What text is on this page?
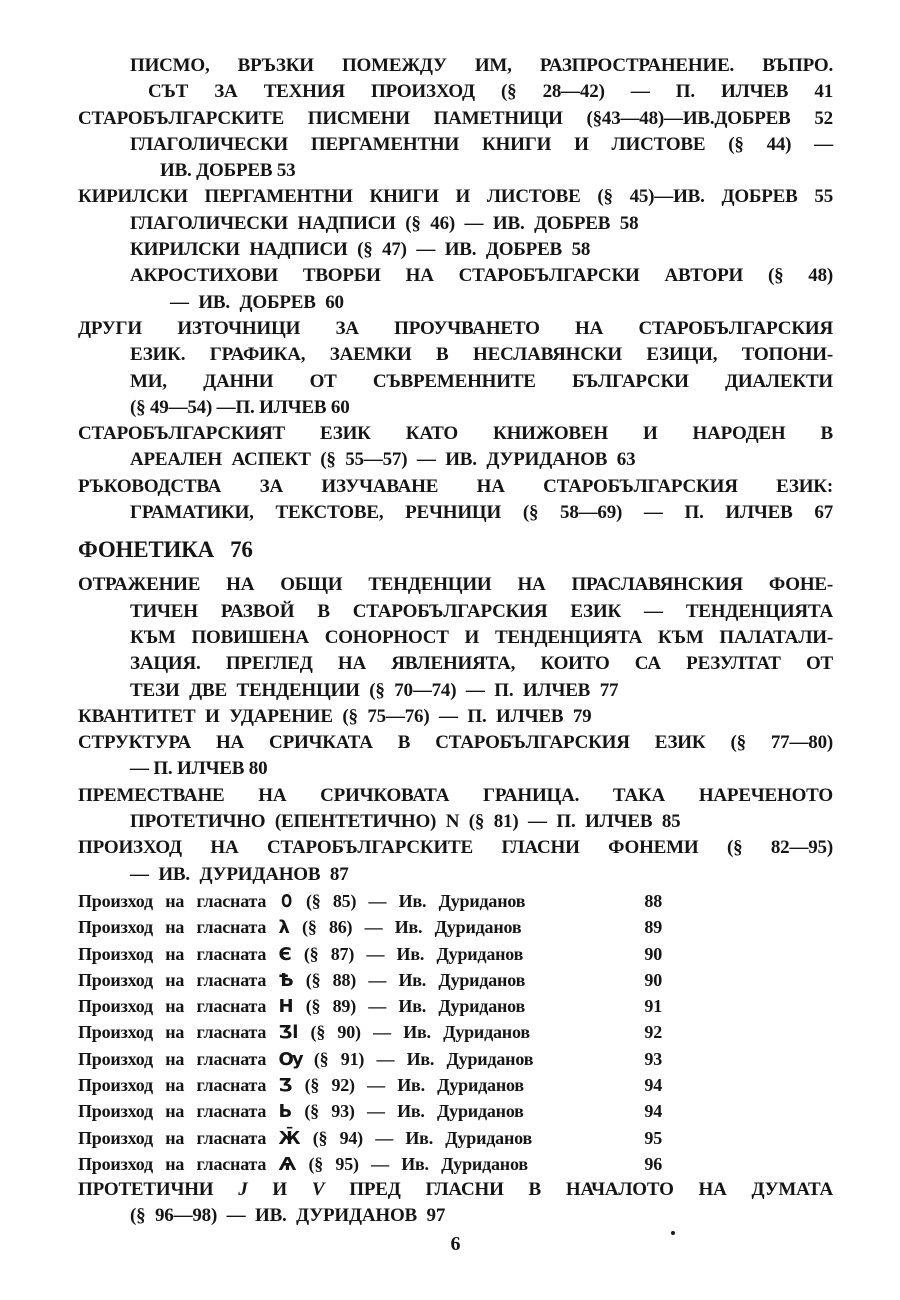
ПИСМО, ВРЪЗКИ ПОМЕЖДУ ИМ, РАЗПРОСТРАНЕНИЕ. ВЪПРО.
СЪТ ЗА ТЕХНИЯ ПРОИЗХОД (§ 28—42) — П. ИЛЧЕВ 41
СТАРОБЪЛГАРСКИТЕ ПИСМЕНИ ПАМЕТНИЦИ (§43—48)—ИВ.ДОБРЕВ 52
ГЛАГОЛИЧЕСКИ ПЕРГАМЕНТНИ КНИГИ И ЛИСТОВЕ (§ 44) —
ИВ. ДОБРЕВ 53
КИРИЛСКИ ПЕРГАМЕНТНИ КНИГИ И ЛИСТОВЕ (§ 45)—ИВ. ДОБРЕВ 55
ГЛАГОЛИЧЕСКИ НАДПИСИ (§ 46) — ИВ. ДОБРЕВ 58
КИРИЛСКИ НАДПИСИ (§ 47) — ИВ. ДОБРЕВ 58
АКРОСТИХОВИ ТВОРБИ НА СТАРОБЪЛГАРСКИ АВТОРИ (§ 48)
— ИВ. ДОБРЕВ 60
ДРУГИ ИЗТОЧНИЦИ ЗА ПРОУЧВАНЕТО НА СТАРОБЪЛГАРСКИЯ
ЕЗИК. ГРАФИКА, ЗАЕМКИ В НЕСЛАВЯНСКИ ЕЗИЦИ, ТОПОНИ-
МИ, ДАННИ ОТ СЪВРЕМЕННИТЕ БЪЛГАРСКИ ДИАЛЕКТИ
(§ 49—54) —П. ИЛЧЕВ 60
СТАРОБЪЛГАРСКИЯТ ЕЗИК КАТО КНИЖОВЕН И НАРОДЕН В
АРЕАЛЕН АСПЕКТ (§ 55—57) — ИВ. ДУРИДАНОВ 63
РЪКОВОДСТВА ЗА ИЗУЧАВАНЕ НА СТАРОБЪЛГАРСКИЯ ЕЗИК:
ГРАМАТИКИ, ТЕКСТОВЕ, РЕЧНИЦИ (§ 58—69) — П. ИЛЧЕВ 67
ФОНЕТИКА 76
ОТРАЖЕНИЕ НА ОБЩИ ТЕНДЕНЦИИ НА ПРАСЛАВЯНСКИЯ ФОНЕ-
ТИЧЕН РАЗВОЙ В СТАРОБЪЛГАРСКИЯ ЕЗИК — ТЕНДЕНЦИЯТА
КЪМ ПОВИШЕНА СОНОРНОСТ И ТЕНДЕНЦИЯТА КЪМ ПАЛАТАЛИ-
ЗАЦИЯ. ПРЕГЛЕД НА ЯВЛЕНИЯТА, КОИТО СА РЕЗУЛТАТ ОТ
ТЕЗИ ДВЕ ТЕНДЕНЦИИ (§ 70—74) — П. ИЛЧЕВ 77
КВАНТИТЕТ И УДАРЕНИЕ (§ 75—76) — П. ИЛЧЕВ 79
СТРУКТУРА НА СРИЧКАТА В СТАРОБЪЛГАРСКИЯ ЕЗИК (§ 77—80)
— П. ИЛЧЕВ 80
ПРЕМЕСТВАНЕ НА СРИЧКОВАТА ГРАНИЦА. ТАКА НАРЕЧЕНОТО
ПРОТЕТИЧНО (ЕПЕНТЕТИЧНО) N (§ 81) — П. ИЛЧЕВ 85
ПРОИЗХОД НА СТАРОБЪЛГАРСКИТЕ ГЛАСНИ ФОНЕМИ (§ 82—95)
— ИВ. ДУРИДАНОВ 87
Произход на гласната О (§ 85) — Ив. Дуриданов	88
Произход на гласната λ (§ 86) — Ив. Дуриданов	89
Произход на гласната Є (§ 87) — Ив. Дуриданов	90
Произход на гласната Ѣ (§ 88) — Ив. Дуриданов	90
Произход на гласната Н (§ 89) — Ив. Дуриданов	91
Произход на гласната Ʒl (§ 90) — Ив. Дуриданов	92
Произход на гласната Оу (§ 91) — Ив. Дуриданов	93
Произход на гласната Ʒ (§ 92) — Ив. Дуриданов	94
Произход на гласната Ь (§ 93) — Ив. Дуриданов	94
Произход на гласната Ж̄ (§ 94) — Ив. Дуриданов	95
Произход на гласната Ѧ (§ 95) — Ив. Дуриданов	96
ПРОТЕТИЧНИ J И V ПРЕД ГЛАСНИ В НАЧАЛОТО НА ДУМАТА
(§ 96—98) — ИВ. ДУРИДАНОВ 97
6
